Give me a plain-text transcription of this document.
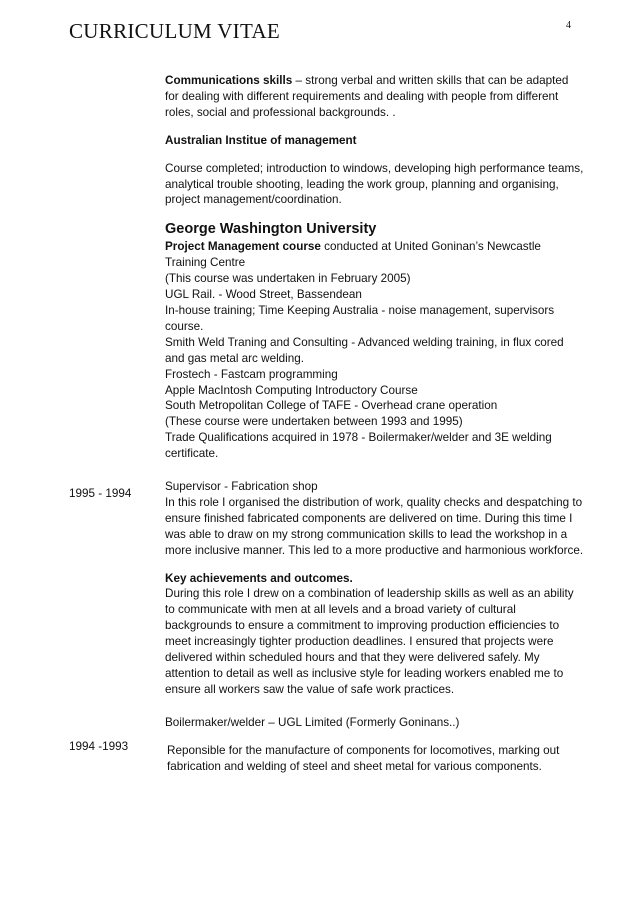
CURRICULUM VITAE	4
1995 - 1994
1994 -1993

Communications skills – strong verbal and written skills that can be adapted for dealing with different requirements and dealing with people from different roles, social and professional backgrounds. .

Australian Institue of management

Course completed; introduction to windows, developing high performance teams, analytical trouble shooting, leading the work group, planning and organising, project management/coordination.

George Washington University

Project Management course conducted at United Goninan’s Newcastle Training Centre

(This course was undertaken in February 2005)

UGL Rail. - Wood Street, Bassendean

In-house training; Time Keeping Australia - noise management, supervisors course.

Smith Weld Traning and Consulting - Advanced welding training, in flux cored and gas metal arc welding.

Frostech - Fastcam programming

Apple MacIntosh Computing Introductory Course

South Metropolitan College of TAFE - Overhead crane operation

(These course were undertaken between 1993 and 1995)

Trade Qualifications acquired in 1978 - Boilermaker/welder and 3E welding certificate.

Supervisor - Fabrication shop

In this role I organised the distribution of work, quality checks and despatching to ensure finished fabricated components are delivered on time. During this time I was able to draw on my strong communication skills to lead the workshop in a more inclusive manner. This led to a more productive and harmonious workforce.

Key achievements and outcomes.

During this role I drew on a combination of leadership skills as well as an ability to communicate with men at all levels and a broad variety of cultural backgrounds to ensure a commitment to improving production efficiencies to meet increasingly tighter production deadlines. I ensured that projects were delivered within scheduled hours and that they were delivered safely. My attention to detail as well as inclusive style for leading workers enabled me to ensure all workers saw the value of safe work practices.

Boilermaker/welder – UGL Limited (Formerly Goninans..)

Reponsible for the manufacture of components for locomotives, marking out fabrication and welding of steel and sheet metal for various components.
